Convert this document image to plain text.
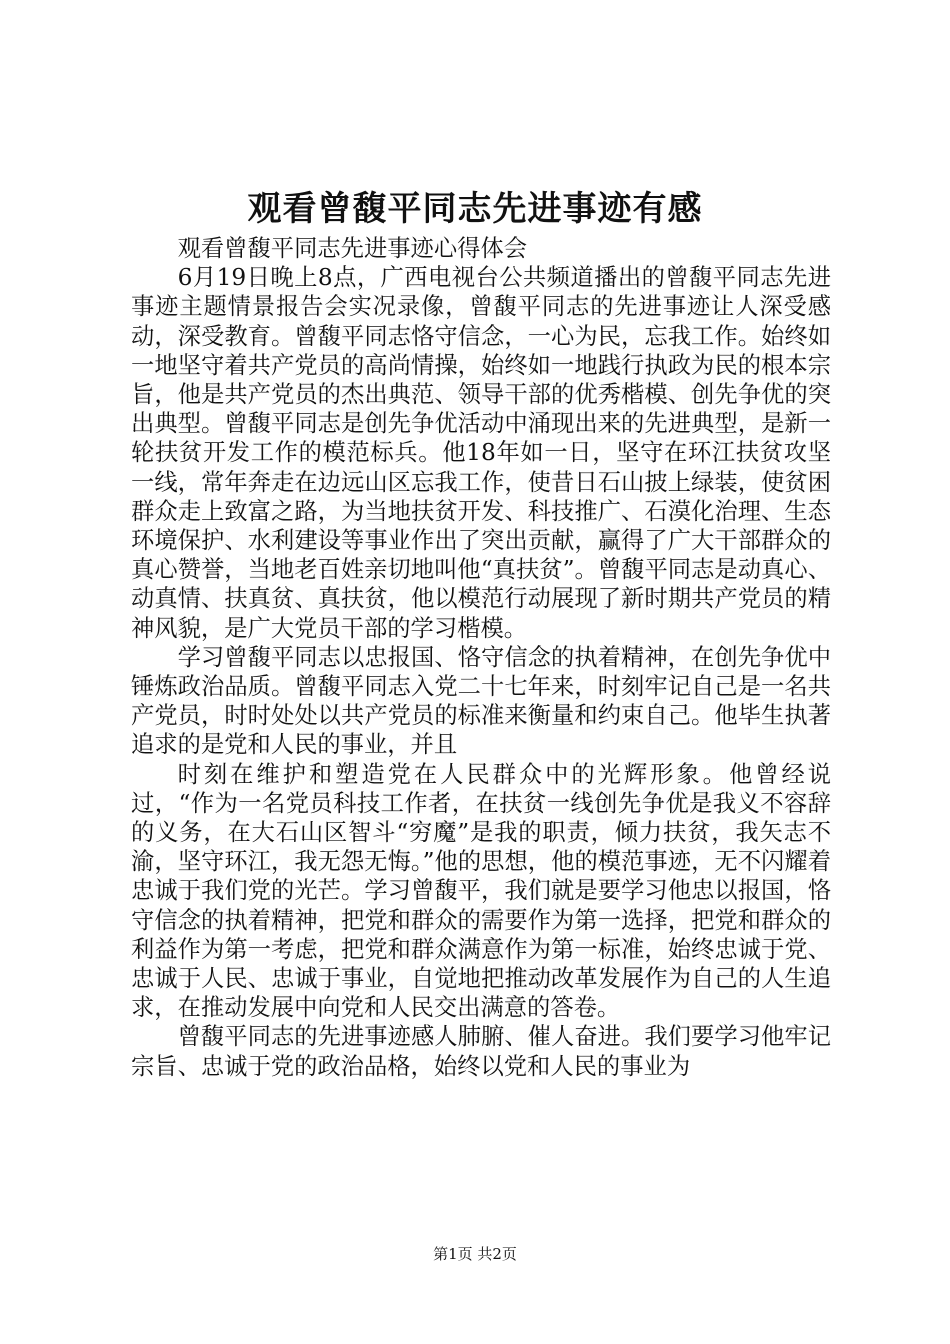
观看曾馥平同志先进事迹有感

观看曾馥平同志先进事迹心得体会

6月19日晚上8点，广西电视台公共频道播出的曾馥平同志先进事迹主题情景报告会实况录像，曾馥平同志的先进事迹让人深受感动，深受教育。曾馥平同志恪守信念，一心为民，忘我工作。始终如一地坚守着共产党员的高尚情操，始终如一地践行执政为民的根本宗旨，他是共产党员的杰出典范、领导干部的优秀楷模、创先争优的突出典型。曾馥平同志是创先争优活动中涌现出来的先进典型，是新一轮扶贫开发工作的模范标兵。他18年如一日，坚守在环江扶贫攻坚一线，常年奔走在边远山区忘我工作，使昔日石山披上绿装，使贫困群众走上致富之路，为当地扶贫开发、科技推广、石漠化治理、生态环境保护、水利建设等事业作出了突出贡献，赢得了广大干部群众的真心赞誉，当地老百姓亲切地叫他“真扶贫”。曾馥平同志是动真心、动真情、扶真贫、真扶贫，他以模范行动展现了新时期共产党员的精神风貌，是广大党员干部的学习楷模。

学习曾馥平同志以忠报国、恪守信念的执着精神，在创先争优中锤炼政治品质。曾馥平同志入党二十七年来，时刻牢记自己是一名共产党员，时时处处以共产党员的标准来衡量和约束自己。他毕生执著追求的是党和人民的事业，并且

时刻在维护和塑造党在人民群众中的光辉形象。他曾经说过，“作为一名党员科技工作者，在扶贫一线创先争优是我义不容辞的义务，在大石山区智斗“穷魔”是我的职责，倾力扶贫，我矢志不渝，坚守环江，我无怨无悔。”他的思想，他的模范事迹，无不闪耀着忠诚于我们党的光芒。学习曾馥平，我们就是要学习他忠以报国，恪守信念的执着精神，把党和群众的需要作为第一选择，把党和群众的利益作为第一考虑，把党和群众满意作为第一标准，始终忠诚于党、忠诚于人民、忠诚于事业，自觉地把推动改革发展作为自己的人生追求，在推动发展中向党和人民交出满意的答卷。

曾馥平同志的先进事迹感人肺腑、催人奋进。我们要学习他牢记宗旨、忠诚于党的政治品格，始终以党和人民的事业为

第1页 共2页
